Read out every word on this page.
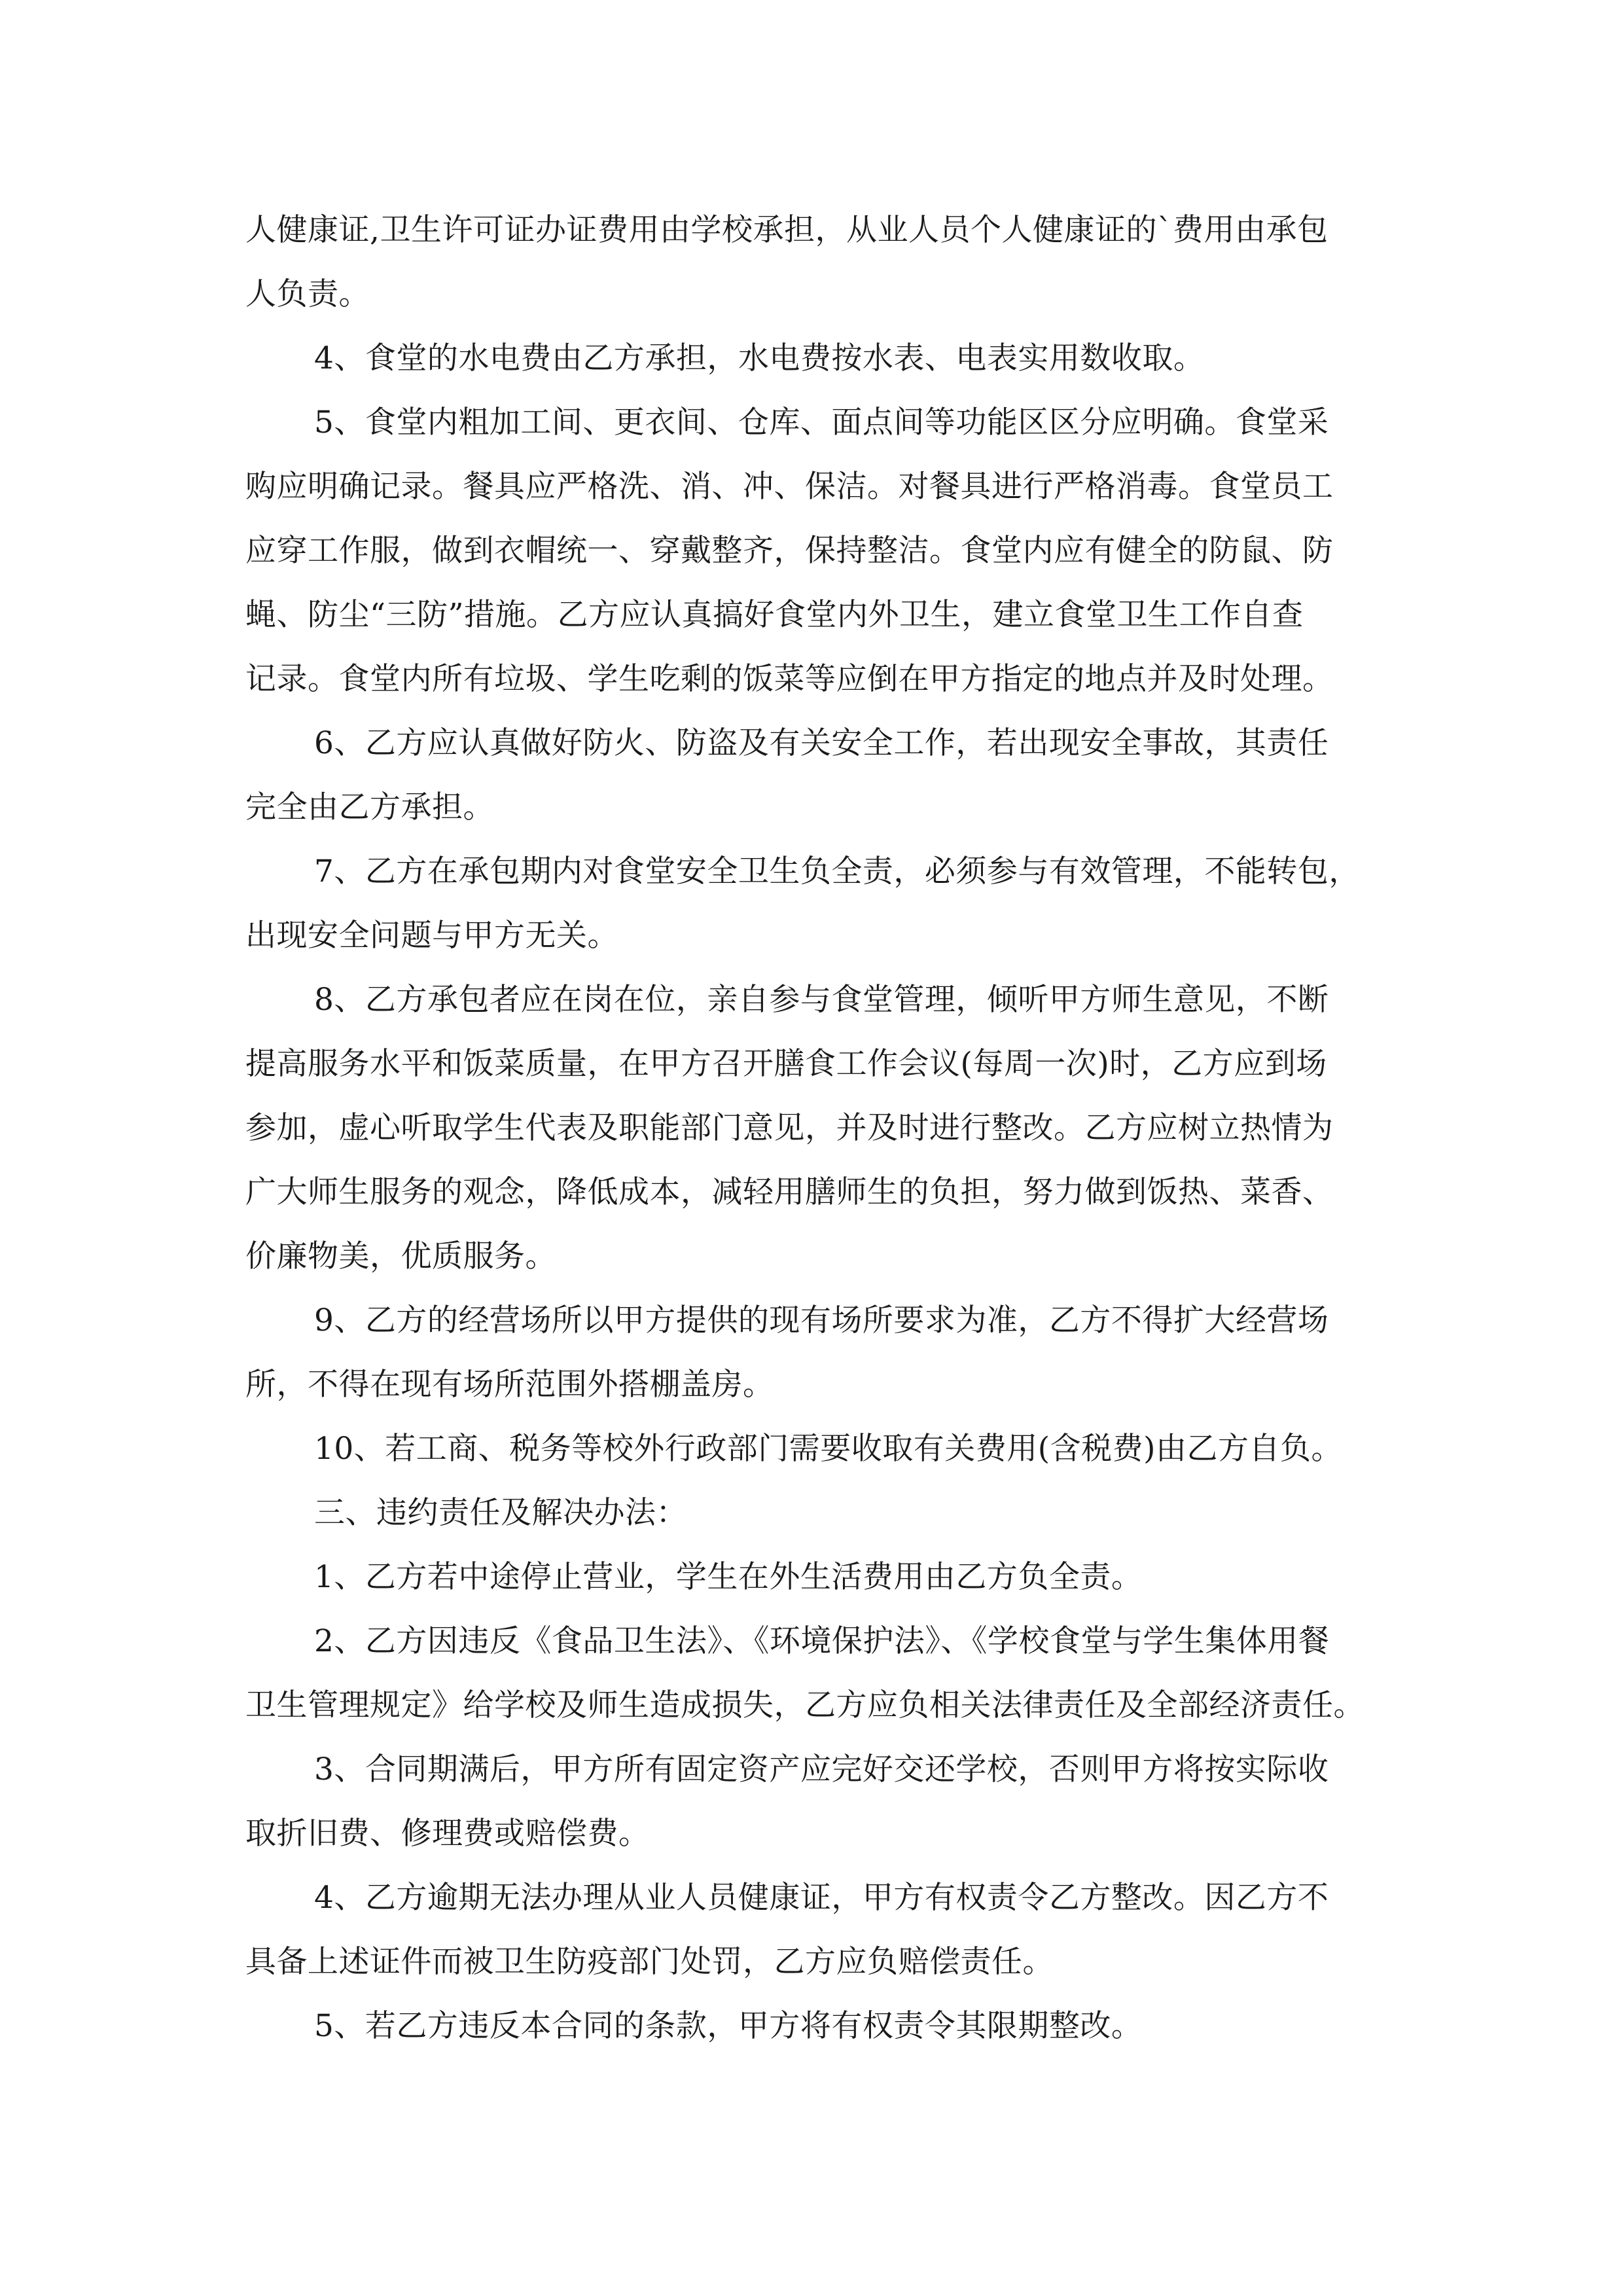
人健康证,卫生许可证办证费用由学校承担，从业人员个人健康证的`费用由承包
人负责。
4、食堂的水电费由乙方承担，水电费按水表、电表实用数收取。
5、食堂内粗加工间、更衣间、仓库、面点间等功能区区分应明确。食堂采
购应明确记录。餐具应严格洗、消、冲、保洁。对餐具进行严格消毒。食堂员工
应穿工作服，做到衣帽统一、穿戴整齐，保持整洁。食堂内应有健全的防鼠、防
蝇、防尘“三防”措施。乙方应认真搞好食堂内外卫生，建立食堂卫生工作自查
记录。食堂内所有垃圾、学生吃剩的饭菜等应倒在甲方指定的地点并及时处理。
6、乙方应认真做好防火、防盗及有关安全工作，若出现安全事故，其责任
完全由乙方承担。
7、乙方在承包期内对食堂安全卫生负全责，必须参与有效管理，不能转包，
出现安全问题与甲方无关。
8、乙方承包者应在岗在位，亲自参与食堂管理，倾听甲方师生意见，不断
提高服务水平和饭菜质量，在甲方召开膳食工作会议(每周一次)时，乙方应到场
参加，虚心听取学生代表及职能部门意见，并及时进行整改。乙方应树立热情为
广大师生服务的观念，降低成本，减轻用膳师生的负担，努力做到饭热、菜香、
价廉物美，优质服务。
9、乙方的经营场所以甲方提供的现有场所要求为准，乙方不得扩大经营场
所，不得在现有场所范围外搭棚盖房。
10、若工商、税务等校外行政部门需要收取有关费用(含税费)由乙方自负。
三、违约责任及解决办法：
1、乙方若中途停止营业，学生在外生活费用由乙方负全责。
2、乙方因违反《食品卫生法》、《环境保护法》、《学校食堂与学生集体用餐
卫生管理规定》给学校及师生造成损失，乙方应负相关法律责任及全部经济责任。
3、合同期满后，甲方所有固定资产应完好交还学校，否则甲方将按实际收
取折旧费、修理费或赔偿费。
4、乙方逾期无法办理从业人员健康证，甲方有权责令乙方整改。因乙方不
具备上述证件而被卫生防疫部门处罚，乙方应负赔偿责任。
5、若乙方违反本合同的条款，甲方将有权责令其限期整改。
